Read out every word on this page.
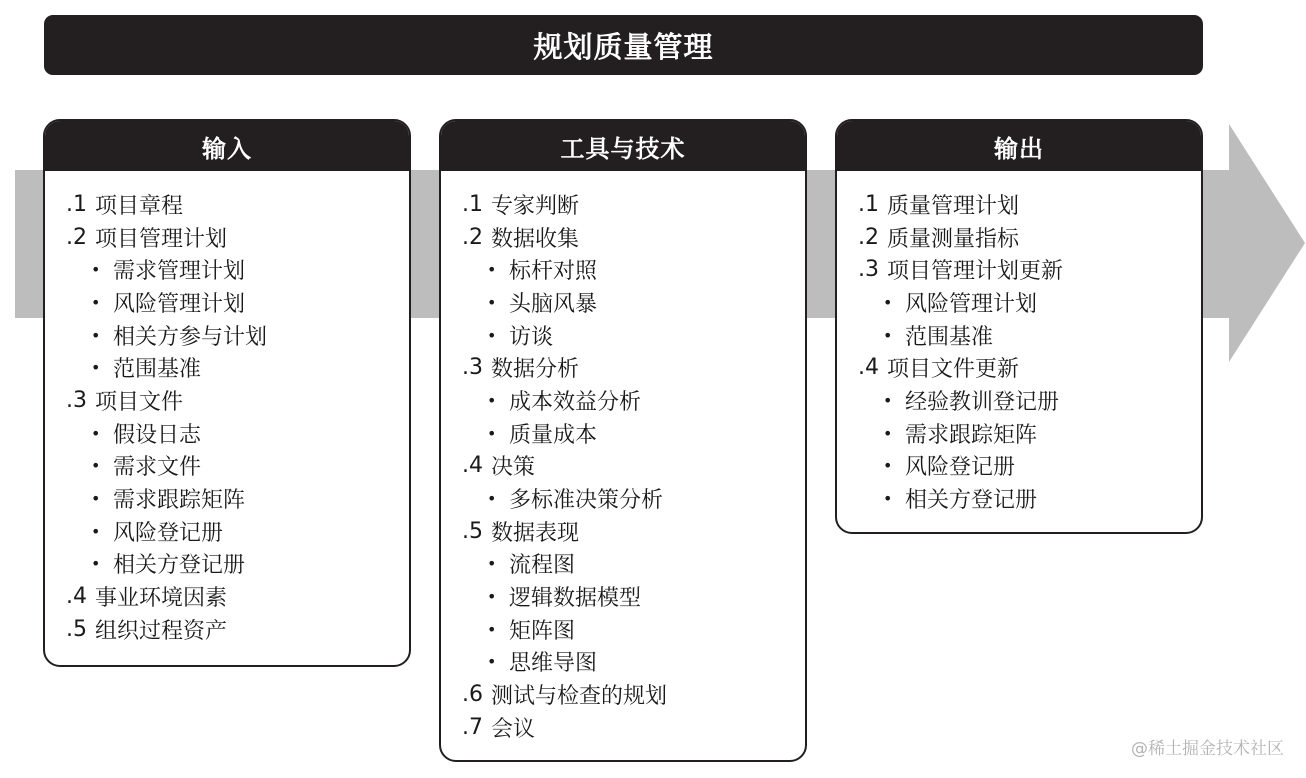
规划质量管理
输入
.1 项目章程
.2 项目管理计划
• 需求管理计划
• 风险管理计划
• 相关方参与计划
• 范围基准
.3 项目文件
• 假设日志
• 需求文件
• 需求跟踪矩阵
• 风险登记册
• 相关方登记册
.4 事业环境因素
.5 组织过程资产
工具与技术
.1 专家判断
.2 数据收集
• 标杆对照
• 头脑风暴
• 访谈
.3 数据分析
• 成本效益分析
• 质量成本
.4 决策
• 多标准决策分析
.5 数据表现
• 流程图
• 逻辑数据模型
• 矩阵图
• 思维导图
.6 测试与检查的规划
.7 会议
输出
.1 质量管理计划
.2 质量测量指标
.3 项目管理计划更新
• 风险管理计划
• 范围基准
.4 项目文件更新
• 经验教训登记册
• 需求跟踪矩阵
• 风险登记册
• 相关方登记册
@稀土掘金技术社区
